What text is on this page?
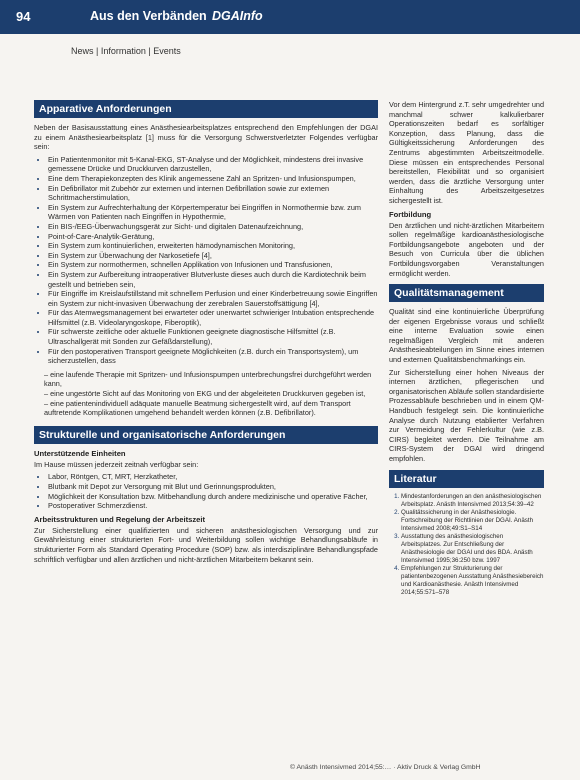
94	Aus den Verbänden DGAInfo
News | Information | Events
Apparative Anforderungen

Neben der Basisausstattung eines Anästhesiearbeitsplatzes entsprechend den Empfehlungen der DGAI zu einem Anästhesiearbeitsplatz [1] muss für die Versorgung Schwerstverletzter Folgendes verfügbar sein:

• Ein Patientenmonitor mit 5-Kanal-EKG, ST-Analyse und der Möglichkeit, mindestens drei invasive gemessene Drücke und Druckkurven darzustellen,
• Eine dem Therapiekonzepten des Klinik angemessene Zahl an Spritzen- und Infusionspumpen,
• Ein Defibrillator mit Zubehör zur externen und internen Defibrillation sowie zur externen Schrittmacherstimulation,
• Ein System zur Aufrechterhaltung der Körpertemperatur bei Eingriffen in Normothermie bzw. zum Wärmen von Patienten nach Eingriffen in Hypothermie,
• Ein BIS-/EEG-Überwachungsgerät zur Sicht- und digitalen Datenaufzeichnung,
• Point-of-Care-Analytik-Gerätung,
• Ein System zum kontinuierlichen, erweiterten hämodynamischen Monitoring,
• Ein System zur Überwachung der Narkosetiefe [4],
• Ein System zur normothermen, schnellen Applikation von Infusionen und Transfusionen,
• Ein System zur Aufbereitung intraoperativer Blutverluste dieses auch durch die Kardiotechnik beim gestellt und betrieben sein,
• Für Eingriffe im Kreislaufstillstand mit schnellem Perfusion und einer Kinderbetreuung sowie Eingriffen ein System zur nicht-invasiven Überwachung der zerebralen Sauerstoffsättigung [4],
• Für das Atemwegsmanagement bei erwarteter oder unerwartet schwieriger Intubation entsprechende Hilfsmittel (z.B. Videolaryngoskope, Fiberoptik),
• Für schwerste zeitliche oder aktuelle Funktionen geeignete diagnostische Hilfsmittel (z.B. Ultraschallgerät mit Sonden zur Gefäßdarstellung),
• Für den postoperativen Transport geeignete Möglichkeiten (z.B. durch ein Transportsystem), um sicherzustellen, dass
– eine laufende Therapie mit Spritzen- und Infusionspumpen unterbrechungsfrei durchgeführt werden kann,
– eine ungestörte Sicht auf das Monitoring von EKG und der abgeleiteten Druckkurven gegeben ist,
– eine patientenindividuell adäquate manuelle Beatmung sichergestellt wird, auf dem Transport auftretende Komplikationen umgehend behandelt werden können (z.B. Defibrillator).
Strukturelle und organisatorische Anforderungen
Unterstützende Einheiten

Im Hause müssen jederzeit zeitnah verfügbar sein:

• Labor, Röntgen, CT, MRT, Herzkatheter,
• Blutbank mit Depot zur Versorgung mit Blut und Gerinnungsprodukten,
• Möglichkeit der Konsultation bzw. Mitbehandlung durch andere medizinische und operative Fächer,
• Postoperativer Schmerzdienst.
Arbeitsstrukturen und Regelung der Arbeitszeit

Zur Sicherstellung einer qualifizierten und sicheren anästhesiologischen Versorgung und zur Gewährleistung einer strukturierten Fort- und Weiterbildung sollen wichtige Behandlungsabläufe in strukturierter Form als Standard Operating Procedure (SOP) bzw. als interdisziplinäre Behandlungspfade schriftlich verfügbar und allen ärztlichen und nicht-ärztlichen Mitarbeitern bekannt sein.

Vor dem Hintergrund z.T. sehr umgedrehter und manchmal schwer kalkulierbarer Operationszeiten bedarf es sorfältiger Konzeption, dass Planung, dass die Gültigkeitssicherung Anforderungen des Zentrums abgestimmten Arbeitszeitmodelle. Diese müssen ein entsprechendes Personal bereitstellen, Flexibilität und so organisiert werden, dass die ärztliche Versorgung unter Einhaltung des Arbeitszeitgesetzes sichergestellt ist.

Fortbildung

Den ärztlichen und nicht-ärztlichen Mitarbeitern sollen regelmäßige kardioanästhesiologische Fortbildungsangebote angeboten und der Besuch von Curricula über die üblichen Fortbildungsvorgaben Veranstaltungen ermöglicht werden.

Qualitätsmanagement

Qualität sind eine kontinuierliche Überprüfung der eigenen Ergebnisse voraus und schließt eine interne Evaluation sowie einen regelmäßigen Vergleich mit anderen Anästhesieabteilungen im Sinne eines internen und externen Qualitätsbenchmarkings ein.

Zur Sicherstellung einer hohen Niveaus der internen ärztlichen, pflegerischen und organisatorischen Abläufe sollen standardisierte Prozessabläufe beschrieben und in einem QM-Handbuch festgelegt sein. Die kontinuierliche Analyse durch Nutzung etablierter Verfahren zur Vermeidung der Fehlerkultur (wie z.B. CIRS) begleitet werden. Die Teilnahme am CIRS-System der DGAI wird dringend empfohlen.

Literatur
1. Mindestanforderungen an den anästhesiologischen Arbeitsplatz. Anästh Intensivmed 2013;54:39–42
2. Qualitätssicherung in der Anästhesiologie. Fortschreibung der Richtlinien der DGAI. Anästh Intensivmed 2008;49:S1–S14
3. Ausstattung des anästhesiologischen Arbeitsplatzes. Zur Entschließung der Anästhesiologie der DGAI und des BDA. Anästh Intensivmed 1995;36:250 bzw. 1997
4. Empfehlungen zur Strukturierung der patientenbezogenen Ausstattung Anästhesiebereich und Kardioanästhesie. Anästh Intensivmed 2014;55:571–578
© Anästh Intensivmed 2014;55:… · Aktiv Druck & Verlag GmbH
